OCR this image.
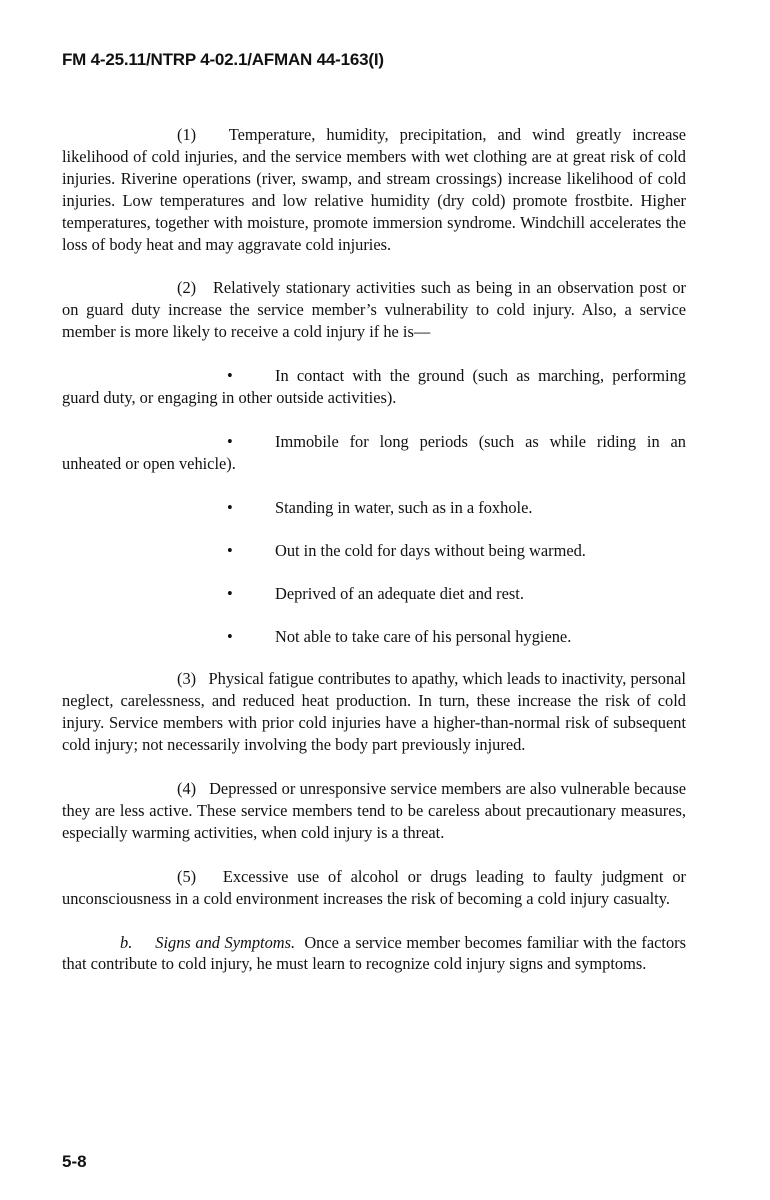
FM 4-25.11/NTRP 4-02.1/AFMAN 44-163(I)

(1) Temperature, humidity, precipitation, and wind greatly increase likelihood of cold injuries, and the service members with wet clothing are at great risk of cold injuries. Riverine operations (river, swamp, and stream crossings) increase likelihood of cold injuries. Low temperatures and low relative humidity (dry cold) promote frostbite. Higher temperatures, together with moisture, promote immersion syndrome. Windchill accelerates the loss of body heat and may aggravate cold injuries.

(2) Relatively stationary activities such as being in an observation post or on guard duty increase the service member’s vulnerability to cold injury. Also, a service member is more likely to receive a cold injury if he is—

•	In contact with the ground (such as marching, performing guard duty, or engaging in other outside activities).

•	Immobile for long periods (such as while riding in an unheated or open vehicle).

•	Standing in water, such as in a foxhole.

•	Out in the cold for days without being warmed.

•	Deprived of an adequate diet and rest.

•	Not able to take care of his personal hygiene.

(3) Physical fatigue contributes to apathy, which leads to inactivity, personal neglect, carelessness, and reduced heat production. In turn, these increase the risk of cold injury. Service members with prior cold injuries have a higher-than-normal risk of subsequent cold injury; not necessarily involving the body part previously injured.

(4) Depressed or unresponsive service members are also vulnerable because they are less active. These service members tend to be careless about precautionary measures, especially warming activities, when cold injury is a threat.

(5) Excessive use of alcohol or drugs leading to faulty judgment or unconsciousness in a cold environment increases the risk of becoming a cold injury casualty.

b. Signs and Symptoms. Once a service member becomes familiar with the factors that contribute to cold injury, he must learn to recognize cold injury signs and symptoms.

5-8
